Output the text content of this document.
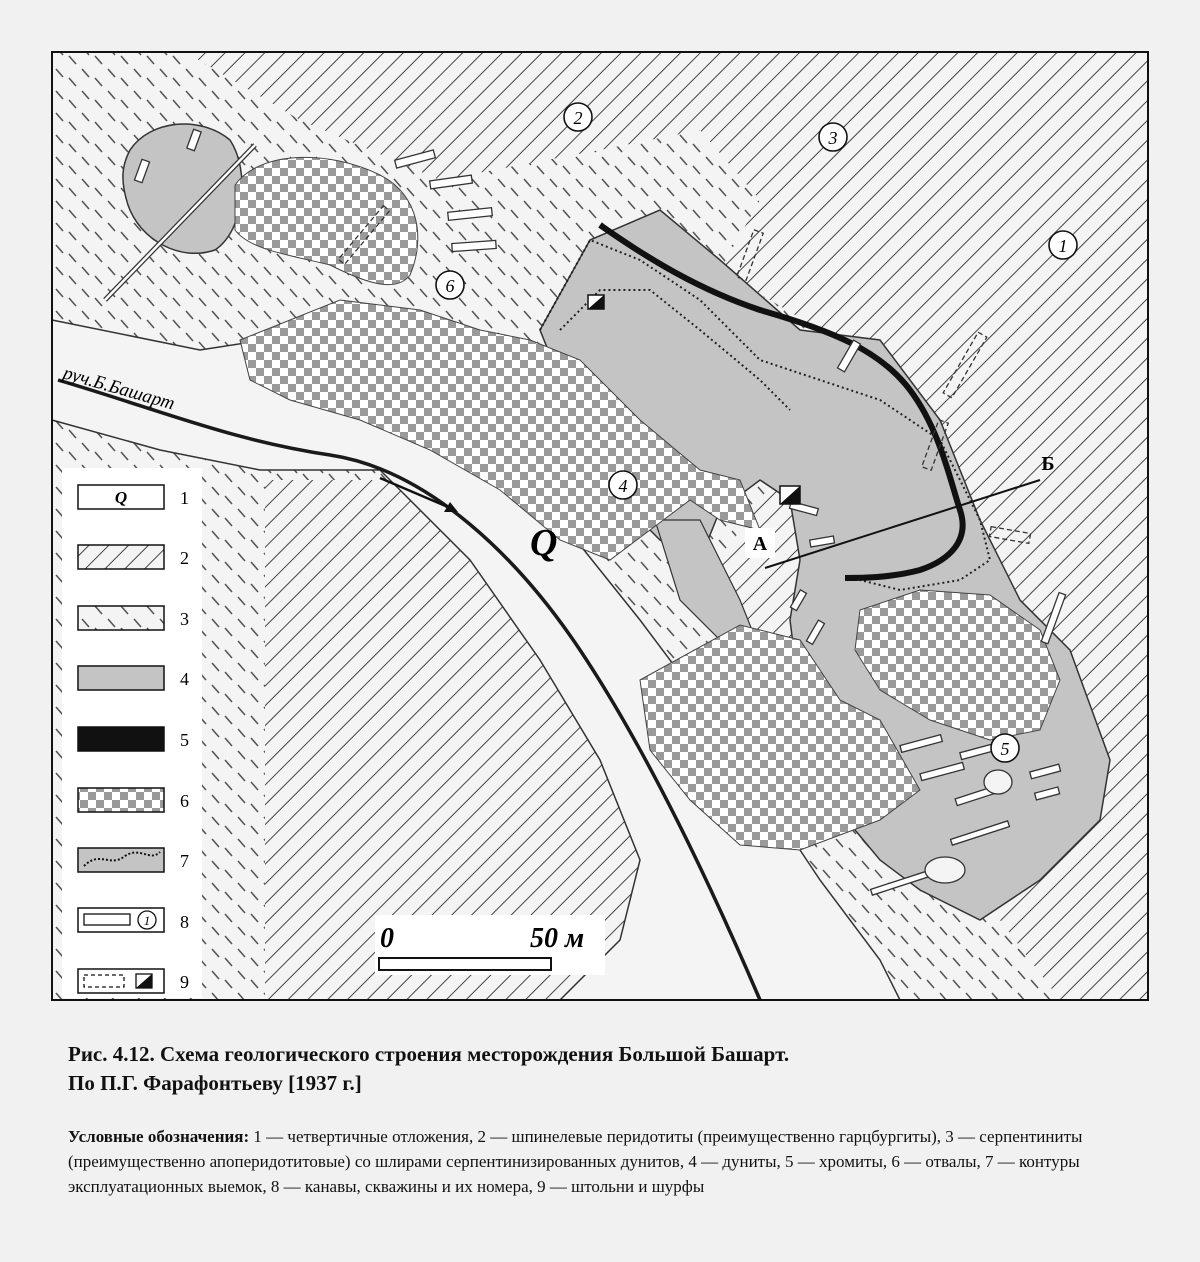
А
Б
1
2
3
4
5
6
Q
руч.Б.Башарт
0	50 м
Q	1
2
3
4
5
6
7
1 8
9
Рис. 4.12. Схема геологического строения месторождения Большой Башарт.
По П.Г. Фарафонтьеву [1937 г.]
Условные обозначения: 1 — четвертичные отложения, 2 — шпинелевые перидотиты (преимущественно гарцбургиты), 3 — серпентиниты (преимущественно апоперидотитовые) со шлирами серпентинизированных дунитов, 4 — дуниты, 5 — хромиты, 6 — отвалы, 7 — контуры эксплуатационных выемок, 8 — канавы, скважины и их номера, 9 — штольни и шурфы
